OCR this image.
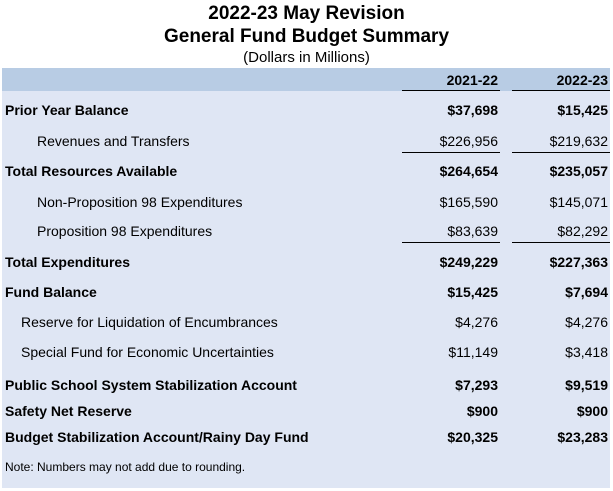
2022-23 May Revision
General Fund Budget Summary
(Dollars in Millions)
2021-22	2022-23
Prior Year Balance	$37,698	$15,425
Revenues and Transfers	$226,956	$219,632
Total Resources Available	$264,654	$235,057
Non-Proposition 98 Expenditures	$165,590	$145,071
Proposition 98 Expenditures	$83,639	$82,292
Total Expenditures	$249,229	$227,363
Fund Balance	$15,425	$7,694
Reserve for Liquidation of Encumbrances	$4,276	$4,276
Special Fund for Economic Uncertainties	$11,149	$3,418
Public School System Stabilization Account	$7,293	$9,519
Safety Net Reserve	$900	$900
Budget Stabilization Account/Rainy Day Fund	$20,325	$23,283
Note: Numbers may not add due to rounding.
